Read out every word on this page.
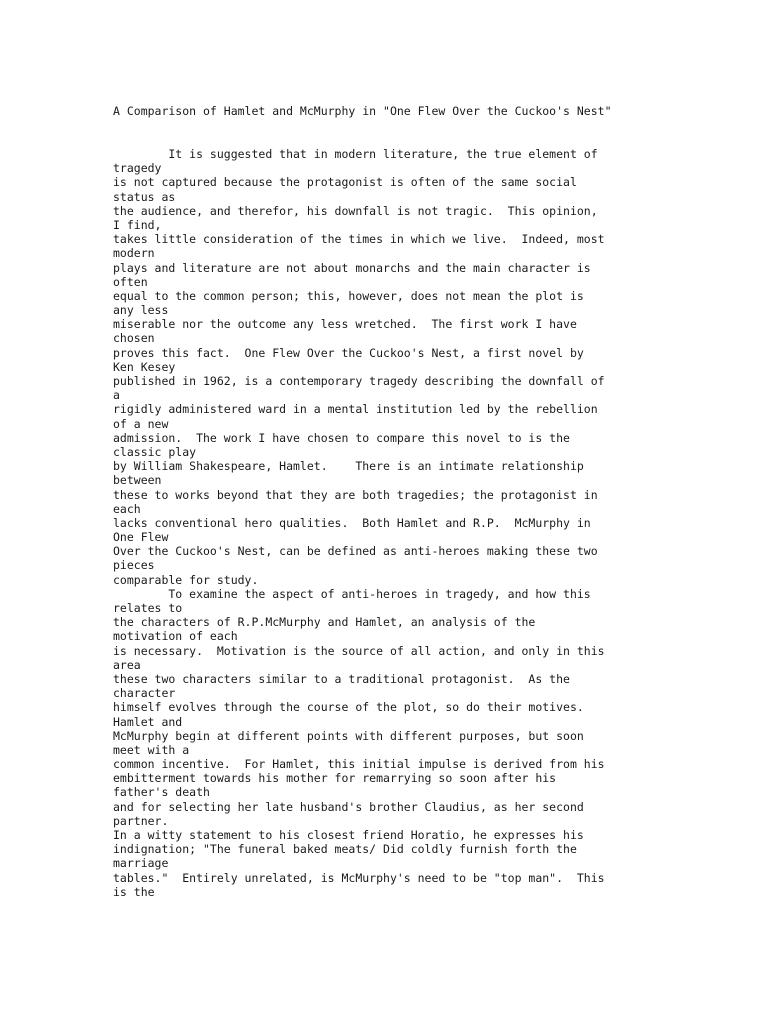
A Comparison of Hamlet and McMurphy in "One Flew Over the Cuckoo's Nest"
It is suggested that in modern literature, the true element of
tragedy
is not captured because the protagonist is often of the same social
status as
the audience, and therefor, his downfall is not tragic.  This opinion,
I find,
takes little consideration of the times in which we live.  Indeed, most
modern
plays and literature are not about monarchs and the main character is
often
equal to the common person; this, however, does not mean the plot is
any less
miserable nor the outcome any less wretched.  The first work I have
chosen
proves this fact.  One Flew Over the Cuckoo's Nest, a first novel by
Ken Kesey
published in 1962, is a contemporary tragedy describing the downfall of
a
rigidly administered ward in a mental institution led by the rebellion
of a new
admission.  The work I have chosen to compare this novel to is the
classic play
by William Shakespeare, Hamlet.    There is an intimate relationship
between
these to works beyond that they are both tragedies; the protagonist in
each
lacks conventional hero qualities.  Both Hamlet and R.P.  McMurphy in
One Flew
Over the Cuckoo's Nest, can be defined as anti-heroes making these two
pieces
comparable for study.
To examine the aspect of anti-heroes in tragedy, and how this
relates to
the characters of R.P.McMurphy and Hamlet, an analysis of the
motivation of each
is necessary.  Motivation is the source of all action, and only in this
area
these two characters similar to a traditional protagonist.  As the
character
himself evolves through the course of the plot, so do their motives.
Hamlet and
McMurphy begin at different points with different purposes, but soon
meet with a
common incentive.  For Hamlet, this initial impulse is derived from his
embitterment towards his mother for remarrying so soon after his
father's death
and for selecting her late husband's brother Claudius, as her second
partner.
In a witty statement to his closest friend Horatio, he expresses his
indignation; "The funeral baked meats/ Did coldly furnish forth the
marriage
tables."  Entirely unrelated, is McMurphy's need to be "top man".  This
is the
